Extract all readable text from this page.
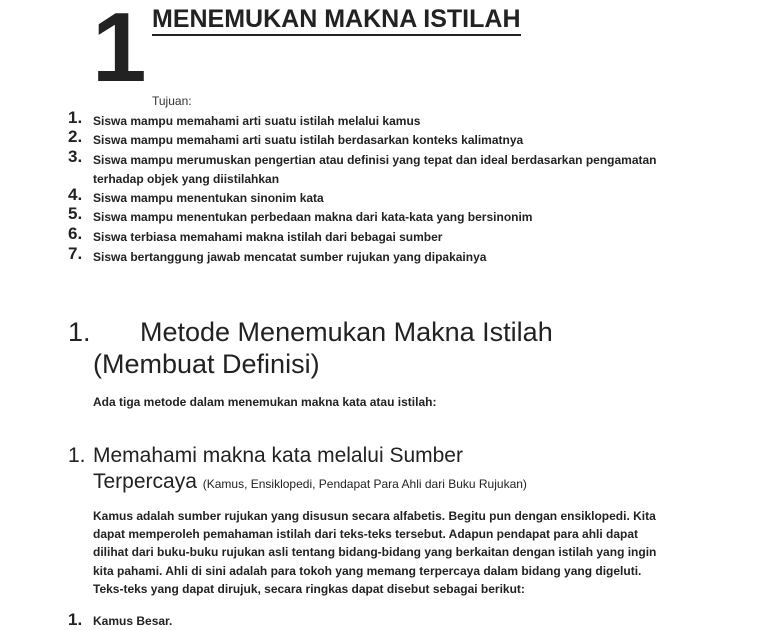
1 MENEMUKAN MAKNA ISTILAH
Tujuan:
1. Siswa mampu memahami arti suatu istilah melalui kamus
2. Siswa mampu memahami arti suatu istilah berdasarkan konteks kalimatnya
3. Siswa mampu merumuskan pengertian atau definisi yang tepat dan ideal berdasarkan pengamatan terhadap objek yang diistilahkan
4. Siswa mampu menentukan sinonim kata
5. Siswa mampu menentukan perbedaan makna dari kata-kata yang bersinonim
6. Siswa terbiasa memahami makna istilah dari bebagai sumber
7. Siswa bertanggung jawab mencatat sumber rujukan yang dipakainya
1. Metode Menemukan Makna Istilah
(Membuat Definisi)
Ada tiga metode dalam menemukan makna kata atau istilah:
1. Memahami makna kata melalui Sumber
Terpercaya (Kamus, Ensiklopedi, Pendapat Para Ahli dari Buku Rujukan)

Kamus adalah sumber rujukan yang disusun secara alfabetis. Begitu pun dengan ensiklopedi. Kita dapat memperoleh pemahaman istilah dari teks-teks tersebut. Adapun pendapat para ahli dapat dilihat dari buku-buku rujukan asli tentang bidang-bidang yang berkaitan dengan istilah yang ingin kita pahami. Ahli di sini adalah para tokoh yang memang terpercaya dalam bidang yang digeluti.

Teks-teks yang dapat dirujuk, secara ringkas dapat disebut sebagai berikut:

1. Kamus Besar.
